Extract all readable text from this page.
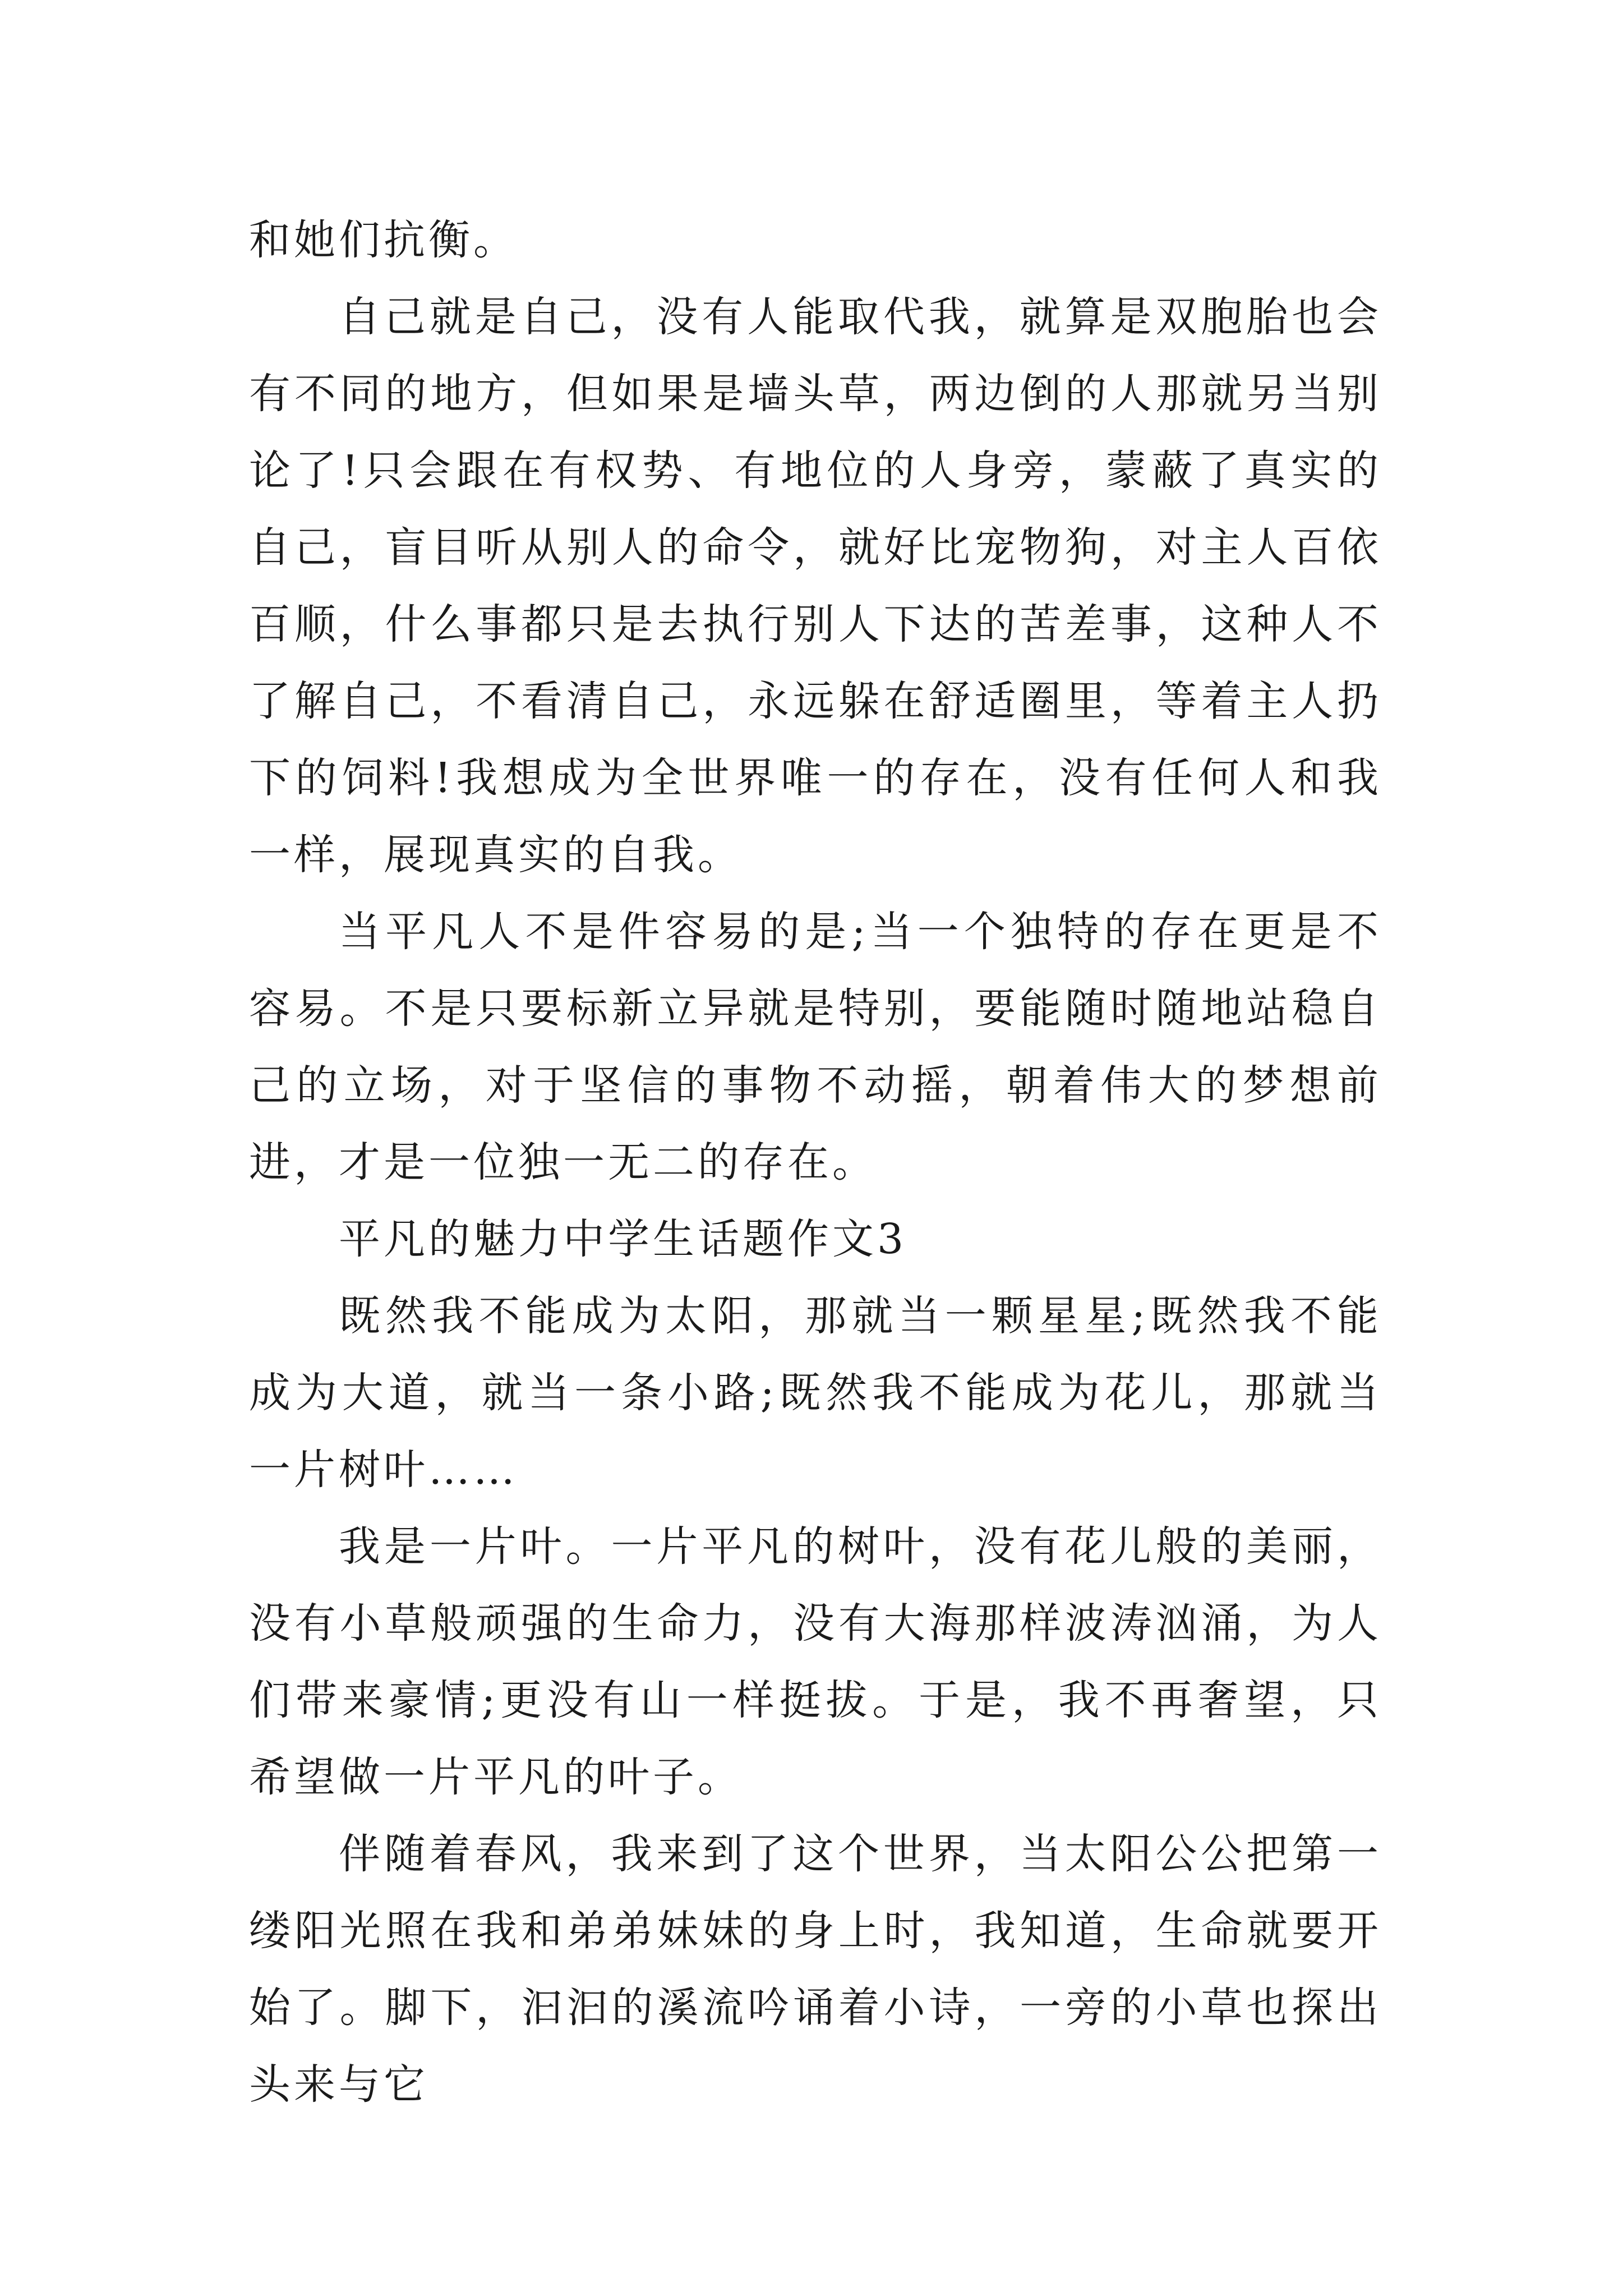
和她们抗衡。

自己就是自己，没有人能取代我，就算是双胞胎也会有不同的地方，但如果是墙头草，两边倒的人那就另当别论了!只会跟在有权势、有地位的人身旁，蒙蔽了真实的自己，盲目听从别人的命令，就好比宠物狗，对主人百依百顺，什么事都只是去执行别人下达的苦差事，这种人不了解自己，不看清自己，永远躲在舒适圈里，等着主人扔下的饲料!我想成为全世界唯一的存在，没有任何人和我一样，展现真实的自我。

当平凡人不是件容易的是;当一个独特的存在更是不容易。不是只要标新立异就是特别，要能随时随地站稳自己的立场，对于坚信的事物不动摇，朝着伟大的梦想前进，才是一位独一无二的存在。

平凡的魅力中学生话题作文3

既然我不能成为太阳，那就当一颗星星;既然我不能成为大道，就当一条小路;既然我不能成为花儿，那就当一片树叶……

我是一片叶。一片平凡的树叶，没有花儿般的美丽，没有小草般顽强的生命力，没有大海那样波涛汹涌，为人们带来豪情;更没有山一样挺拔。于是，我不再奢望，只希望做一片平凡的叶子。

伴随着春风，我来到了这个世界，当太阳公公把第一缕阳光照在我和弟弟妹妹的身上时，我知道，生命就要开始了。脚下，汩汩的溪流吟诵着小诗，一旁的小草也探出头来与它
